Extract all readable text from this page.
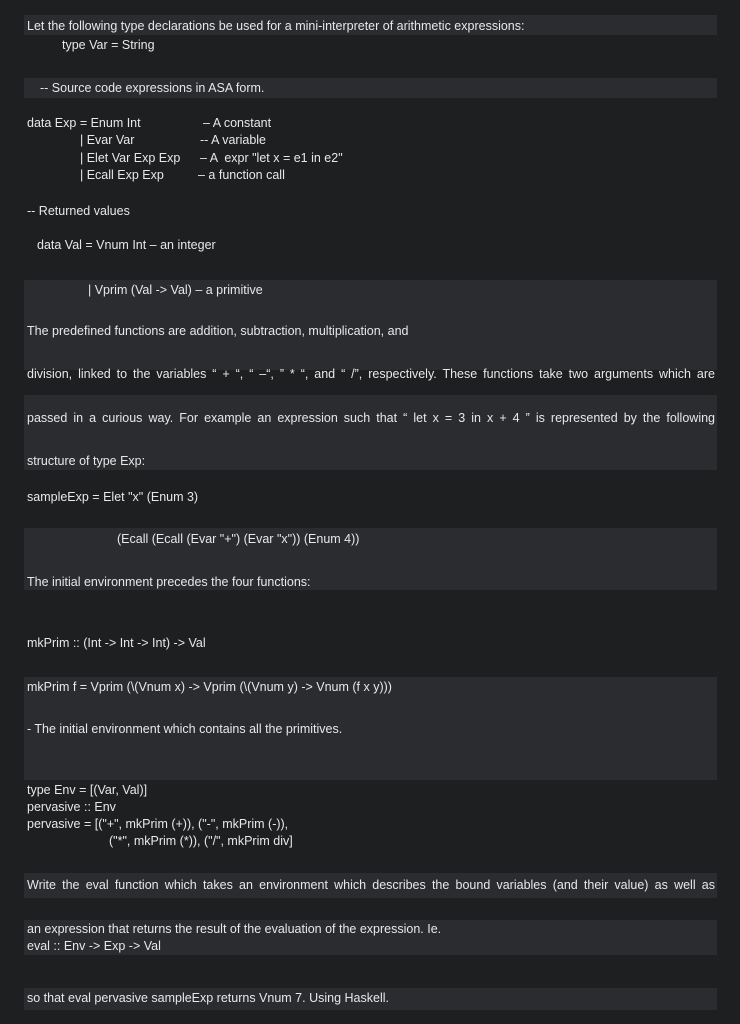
Let the following type declarations be used for a mini-interpreter of arithmetic expressions:
type Var = String
-- Source code expressions in ASA form.
data Exp = Enum Int	– A constant
| Evar Var	-- A variable
| Elet Var Exp Exp – A  expr "let x = e1 in e2"
| Ecall Exp Exp	– a function call
-- Returned values
data Val = Vnum Int – an integer
| Vprim (Val -> Val) – a primitive
The predefined functions are addition, subtraction, multiplication, and
division, linked to the variables “ + “, “ –“, ” * “, and “ /”, respectively. These functions take two arguments which are
passed in a curious way. For example an expression such that “ let x = 3 in x + 4 ” is represented by the following
structure of type Exp:
sampleExp = Elet "x" (Enum 3)
(Ecall (Ecall (Evar "+") (Evar "x")) (Enum 4))
The initial environment precedes the four functions:
mkPrim :: (Int -> Int -> Int) -> Val
mkPrim f = Vprim (\(Vnum x) -> Vprim (\(Vnum y) -> Vnum (f x y)))
- The initial environment which contains all the primitives.
type Env = [(Var, Val)]
pervasive :: Env
pervasive = [("+", mkPrim (+)), ("-", mkPrim (-)),
("*", mkPrim (*)), ("/", mkPrim div]
Write the eval function which takes an environment which describes the bound variables (and their value) as well as
an expression that returns the result of the evaluation of the expression. Ie.
eval :: Env -> Exp -> Val
so that eval pervasive sampleExp returns Vnum 7. Using Haskell.
